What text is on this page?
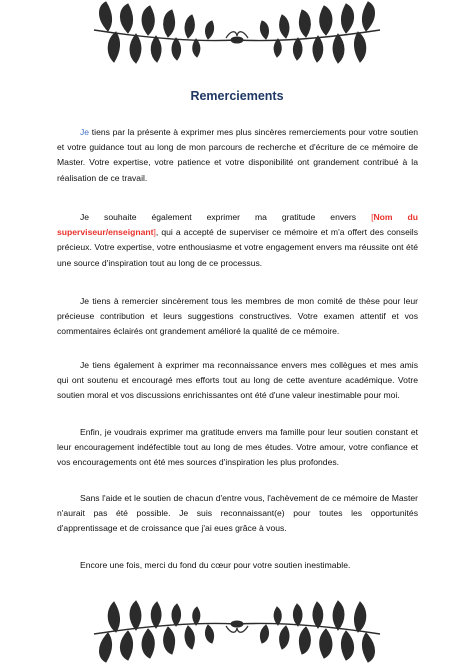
Remerciements

Je tiens par la présente à exprimer mes plus sincères remerciements pour votre soutien et votre guidance tout au long de mon parcours de recherche et d'écriture de ce mémoire de Master. Votre expertise, votre patience et votre disponibilité ont grandement contribué à la réalisation de ce travail.

Je souhaite également exprimer ma gratitude envers [Nom du superviseur/enseignant], qui a accepté de superviser ce mémoire et m'a offert des conseils précieux. Votre expertise, votre enthousiasme et votre engagement envers ma réussite ont été une source d'inspiration tout au long de ce processus.

Je tiens à remercier sincèrement tous les membres de mon comité de thèse pour leur précieuse contribution et leurs suggestions constructives. Votre examen attentif et vos commentaires éclairés ont grandement amélioré la qualité de ce mémoire.

Je tiens également à exprimer ma reconnaissance envers mes collègues et mes amis qui ont soutenu et encouragé mes efforts tout au long de cette aventure académique. Votre soutien moral et vos discussions enrichissantes ont été d'une valeur inestimable pour moi.

Enfin, je voudrais exprimer ma gratitude envers ma famille pour leur soutien constant et leur encouragement indéfectible tout au long de mes études. Votre amour, votre confiance et vos encouragements ont été mes sources d'inspiration les plus profondes.

Sans l'aide et le soutien de chacun d'entre vous, l'achèvement de ce mémoire de Master n'aurait pas été possible. Je suis reconnaissant(e) pour toutes les opportunités d'apprentissage et de croissance que j'ai eues grâce à vous.

Encore une fois, merci du fond du cœur pour votre soutien inestimable.
